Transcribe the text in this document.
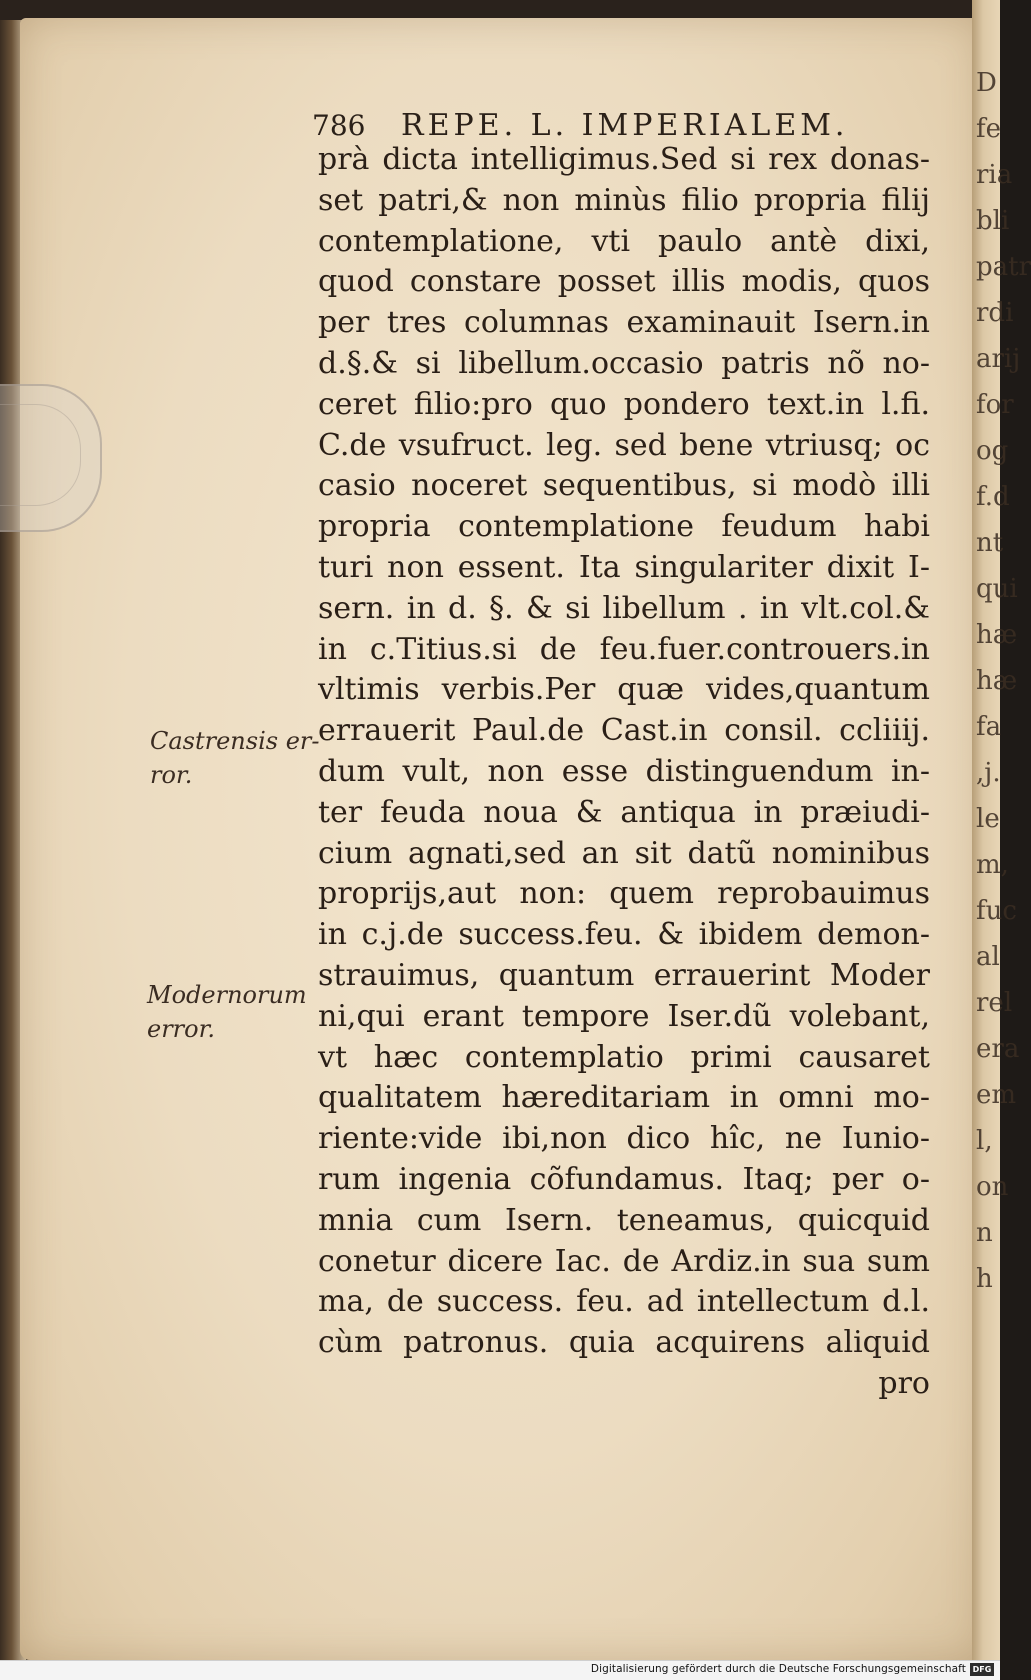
D
fe
ria
bli
patr
rdi
arij
for
og
f.d
nt
qui
hæ
hæ
fa
,j.
le
m,
fuc
al
rel
era
em
l,
on
n
h
786 REPE. L. IMPERIALEM.
prà dicta intelligimus.Sed si rex donas-
set patri,& non minùs filio propria filij
contemplatione, vti paulo antè dixi,
quod constare posset illis modis, quos
per tres columnas examinauit Isern.in
d.§.& si libellum.occasio patris nõ no-
ceret filio:pro quo pondero text.in l.fi.
C.de vsufruct. leg. sed bene vtriusq; oc
casio noceret sequentibus, si modò illi
propria contemplatione feudum habi
turi non essent. Ita singulariter dixit I-
sern. in d. §. & si libellum . in vlt.col.&
in c.Titius.si de feu.fuer.controuers.in
vltimis verbis.Per quæ vides,quantum
errauerit Paul.de Cast.in consil. ccliiij.
dum vult, non esse distinguendum in-
ter feuda noua & antiqua in præiudi-
cium agnati,sed an sit datũ nominibus
proprijs,aut non: quem reprobauimus
in c.j.de success.feu. & ibidem demon-
strauimus, quantum errauerint Moder
ni,qui erant tempore Iser.dũ volebant,
vt hæc contemplatio primi causaret
qualitatem hæreditariam in omni mo-
riente:vide ibi,non dico hîc, ne Iunio-
rum ingenia cõfundamus. Itaq; per o-
mnia cum Isern. teneamus, quicquid
conetur dicere Iac. de Ardiz.in sua sum
ma, de success. feu. ad intellectum d.l.
cùm patronus. quia acquirens aliquid
pro
Castrensis er-
ror.
Modernorum
error.
Digitalisierung gefördert durch die Deutsche Forschungsgemeinschaft DFG
